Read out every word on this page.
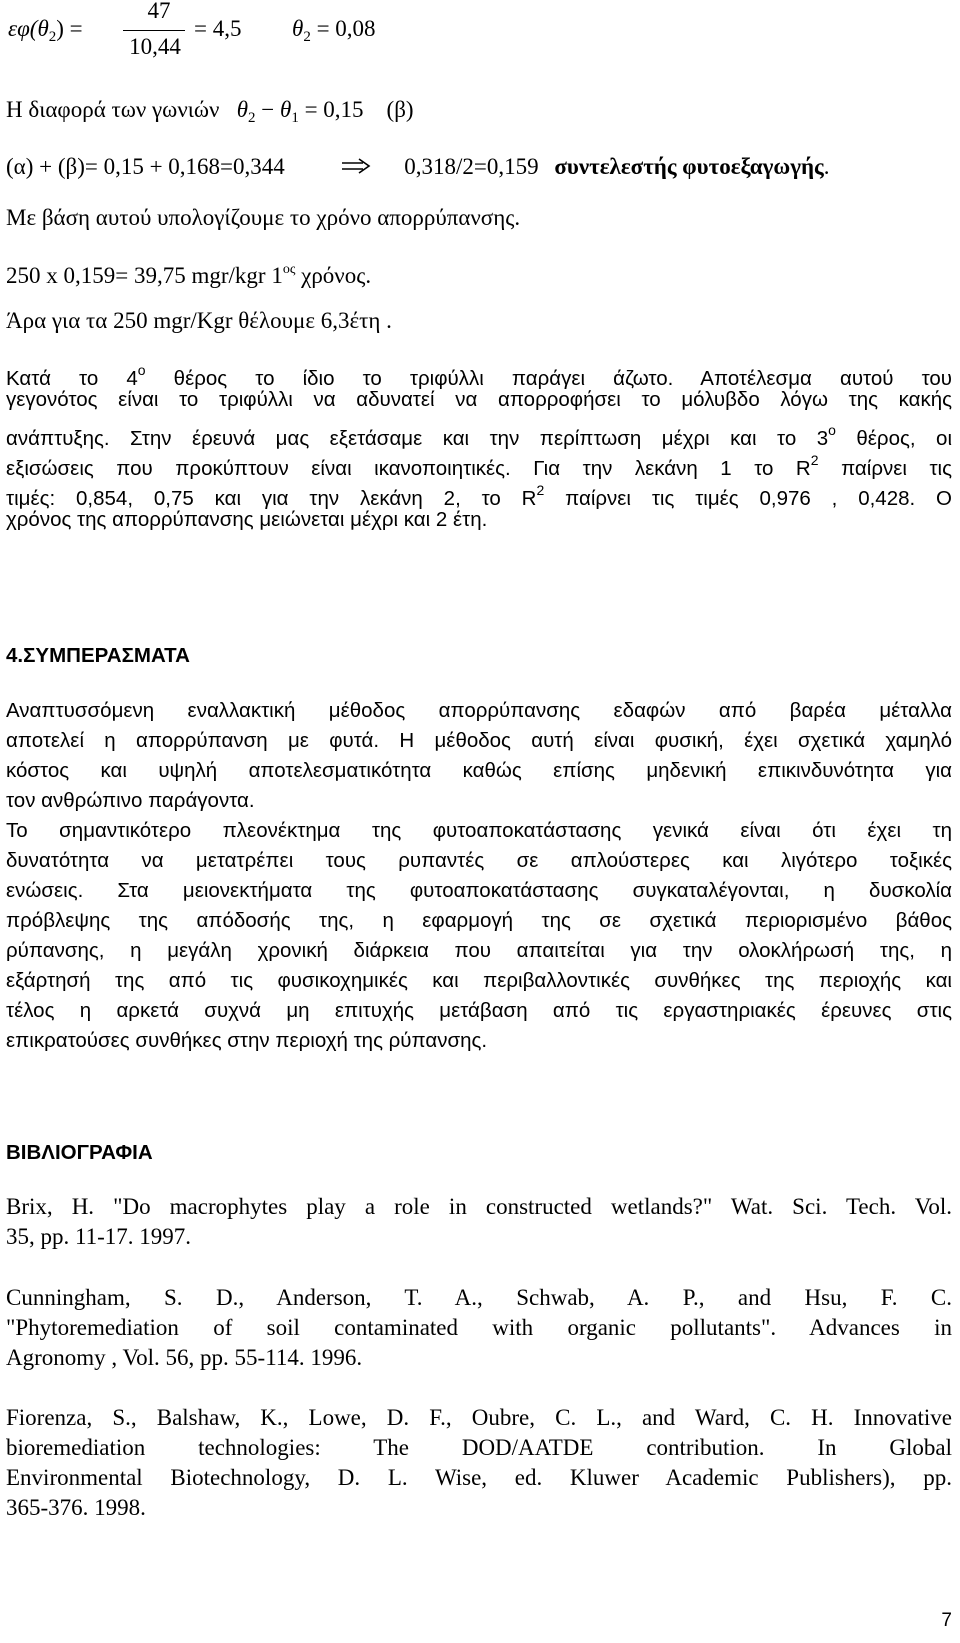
$\varepsilon\varphi(\theta_2)$ =
47
10,44
= 4,5 $\theta_2 = 0,08$
Η διαφορά των γωνιών $\theta_2 - \theta_1 = 0,15$ (β)
(α) + (β)= 0,15 + 0,168=0,344	0,318/2=0,159 συντελεστής φυτοεξαγωγής.
Με βάση αυτού υπολογίζουμε το χρόνο απορρύπανσης.
250 x 0,159= 39,75 mgr/kgr $1^{o\varsigma}$ χρόνος.
Άρα για τα 250 mgr/Kgr θέλουμε 6,3έτη .
Κατά το $4^o$ θέρος το ίδιο το τριφύλλι παράγει άζωτο. Αποτέλεσμα αυτού του
γεγονότος είναι το τριφύλλι να αδυνατεί να απορροφήσει το μόλυβδο λόγω της κακής
ανάπτυξης. Στην έρευνά μας εξετάσαμε και την περίπτωση μέχρι και το $3^o$ θέρος, οι
εξισώσεις που προκύπτουν είναι ικανοποιητικές. Για την λεκάνη 1 το $R^2$ παίρνει τις
τιμές: 0,854, 0,75 και για την λεκάνη 2, το $R^2$ παίρνει τις τιμές 0,976 , 0,428. Ο
χρόνος της απορρύπανσης μειώνεται μέχρι και 2 έτη.
4.ΣΥΜΠΕΡΑΣΜΑΤΑ
Αναπτυσσόμενη εναλλακτική μέθοδος απορρύπανσης εδαφών από βαρέα μέταλλα
αποτελεί η απορρύπανση με φυτά. Η μέθοδος αυτή είναι φυσική, έχει σχετικά χαμηλό
κόστος και υψηλή αποτελεσματικότητα καθώς επίσης μηδενική επικινδυνότητα για
τον ανθρώπινο παράγοντα.
Το σημαντικότερο πλεονέκτημα της φυτοαποκατάστασης γενικά είναι ότι έχει τη
δυνατότητα να μετατρέπει τους ρυπαντές σε απλούστερες και λιγότερο τοξικές
ενώσεις. Στα μειονεκτήματα της φυτοαποκατάστασης συγκαταλέγονται, η δυσκολία
πρόβλεψης της απόδοσής της, η εφαρμογή της σε σχετικά περιορισμένο βάθος
ρύπανσης, η μεγάλη χρονική διάρκεια που απαιτείται για την ολοκλήρωσή της, η
εξάρτησή της από τις φυσικοχημικές και περιβαλλοντικές συνθήκες της περιοχής και
τέλος η αρκετά συχνά μη επιτυχής μετάβαση από τις εργαστηριακές έρευνες στις
επικρατούσες συνθήκες στην περιοχή της ρύπανσης.
ΒΙΒΛΙΟΓΡΑΦΙΑ
Brix, H. "Do macrophytes play a role in constructed wetlands?" Wat. Sci. Tech. Vol.
35, pp. 11-17. 1997.
Cunningham, S. D., Anderson, T. A., Schwab, A. P., and Hsu, F. C.
"Phytoremediation of soil contaminated with organic pollutants". Advances in
Agronomy , Vol. 56, pp. 55-114. 1996.
Fiorenza, S., Balshaw, K., Lowe, D. F., Oubre, C. L., and Ward, C. H. Innovative
bioremediation technologies: The DOD/AATDE contribution. In Global
Environmental Biotechnology, D. L. Wise, ed. Kluwer Academic Publishers), pp.
365-376. 1998.
7
